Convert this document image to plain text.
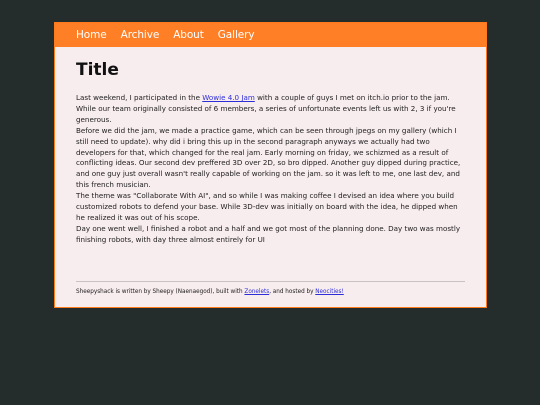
Home Archive About Gallery
Title

Last weekend, I participated in the Wowie 4.0 Jam with a couple of guys I met on itch.io prior to the jam. While our team originally consisted of 6 members, a series of unfortunate events left us with 2, 3 if you're generous.

Before we did the jam, we made a practice game, which can be seen through jpegs on my gallery (which I still need to update). why did i bring this up in the second paragraph anyways we actually had two developers for that, which changed for the real jam. Early morning on friday, we schizmed as a result of conflicting ideas. Our second dev preffered 3D over 2D, so bro dipped. Another guy dipped during practice, and one guy just overall wasn't really capable of working on the jam. so it was left to me, one last dev, and this french musician.

The theme was "Collaborate With AI", and so while I was making coffee I devised an idea where you build customized robots to defend your base. While 3D-dev was initially on board with the idea, he dipped when he realized it was out of his scope.

Day one went well, I finished a robot and a half and we got most of the planning done. Day two was mostly finishing robots, with day three almost entirely for UI

Sheepyshack is written by Sheepy (Naenaegod), built with Zonelets, and hosted by Neocities!
